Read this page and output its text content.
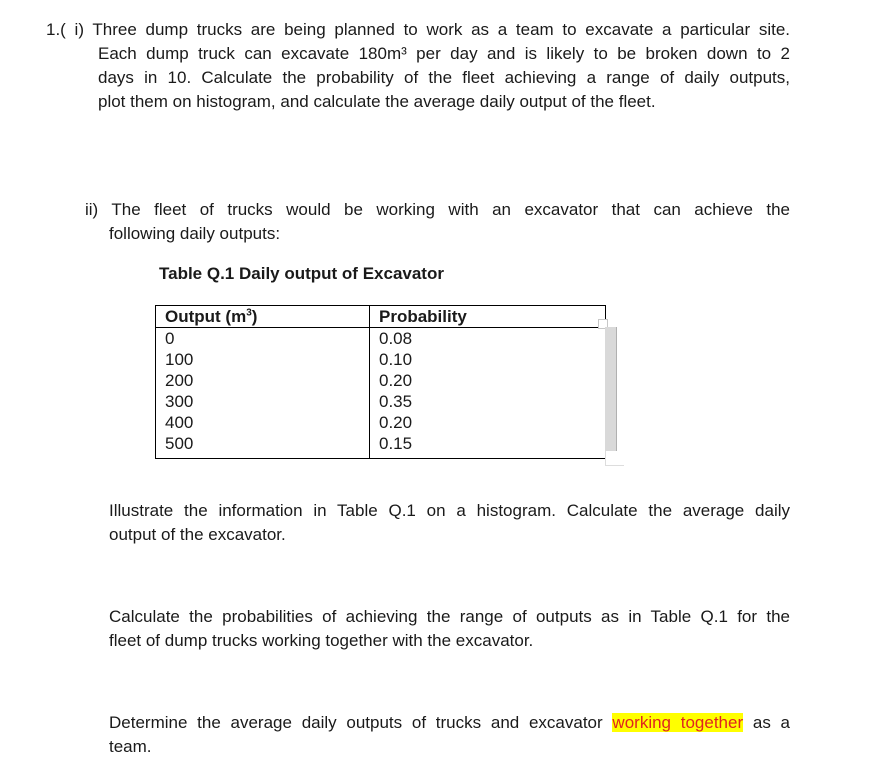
1.( i) Three dump trucks are being planned to work as a team to excavate a particular site.
Each dump truck can excavate 180m³ per day and is likely to be broken down to 2
days in 10. Calculate the probability of the fleet achieving a range of daily outputs,
plot them on histogram, and calculate the average daily output of the fleet.
ii) The fleet of trucks would be working with an excavator that can achieve the
following daily outputs:
Table Q.1 Daily output of Excavator
Output $(m^3)$	Probability
0	0.08
100	0.10
200	0.20
300	0.35
400	0.20
500	0.15
Illustrate the information in Table Q.1 on a histogram. Calculate the average daily
output of the excavator.
Calculate the probabilities of achieving the range of outputs as in Table Q.1 for the
fleet of dump trucks working together with the excavator.
Determine the average daily outputs of trucks and excavator working together as a
team.
